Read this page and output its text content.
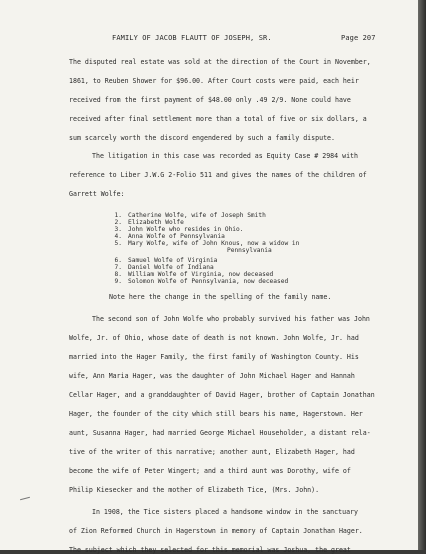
FAMILY OF JACOB FLAUTT OF JOSEPH, SR.	Page 207
The disputed real estate was sold at the direction of the Court in November,
1861, to Reuben Shower for $96.00. After Court costs were paid, each heir
received from the first payment of $48.00 only .49 2/9. None could have
received after final settlement more than a total of five or six dollars, a
sum scarcely worth the discord engendered by such a family dispute.
The litigation in this case was recorded as Equity Case # 2984 with
reference to Liber J.W.G 2-Folio 511 and gives the names of the children of
Garrett Wolfe:
1. Catherine Wolfe, wife of Joseph Smith
2. Elizabeth Wolfe
3. John Wolfe who resides in Ohio.
4. Anna Wolfe of Pennsylvania
5. Mary Wolfe, wife of John Knous, now a widow in
Pennsylvania
6. Samuel Wolfe of Virginia
7. Daniel Wolfe of Indiana
8. William Wolfe of Virginia, now deceased
9. Solomon Wolfe of Pennsylvania, now deceased
Note here the change in the spelling of the family name.
The second son of John Wolfe who probably survived his father was John
Wolfe, Jr. of Ohio, whose date of death is not known. John Wolfe, Jr. had
married into the Hager Family, the first family of Washington County. His
wife, Ann Maria Hager, was the daughter of John Michael Hager and Hannah
Cellar Hager, and a granddaughter of David Hager, brother of Captain Jonathan
Hager, the founder of the city which still bears his name, Hagerstown. Her
aunt, Susanna Hager, had married George Michael Householder, a distant rela-
tive of the writer of this narrative; another aunt, Elizabeth Hager, had
become the wife of Peter Wingert; and a third aunt was Dorothy, wife of
Philip Kiesecker and the mother of Elizabeth Tice, (Mrs. John).
In 1908, the Tice sisters placed a handsome window in the sanctuary
of Zion Reformed Church in Hagerstown in memory of Captain Jonathan Hager.
The subject which they selected for this memorial was Joshua, the great
